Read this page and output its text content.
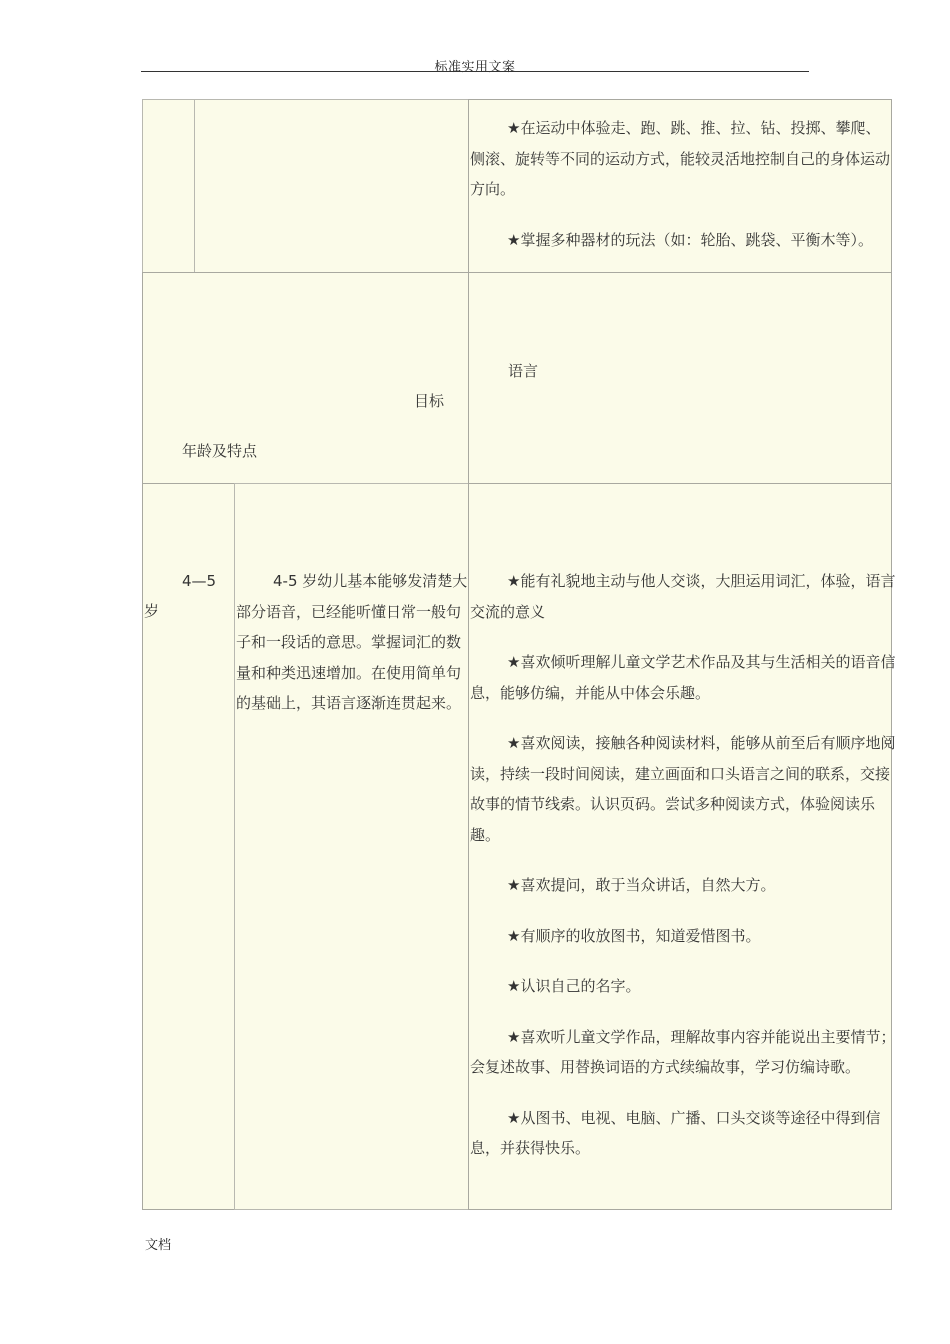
标准实用文案

★在运动中体验走、跑、跳、推、拉、钻、投掷、攀爬、侧滚、旋转等不同的运动方式，能较灵活地控制自己的身体运动方向。

★掌握多种器材的玩法（如：轮胎、跳袋、平衡木等）。

目标
年龄及特点
语言
4—5
岁

4-5 岁幼儿基本能够发清楚大部分语音，已经能听懂日常一般句子和一段话的意思。掌握词汇的数量和种类迅速增加。在使用简单句的基础上，其语言逐渐连贯起来。

★能有礼貌地主动与他人交谈，大胆运用词汇，体验，语言交流的意义

★喜欢倾听理解儿童文学艺术作品及其与生活相关的语音信息，能够仿编，并能从中体会乐趣。

★喜欢阅读，接触各种阅读材料，能够从前至后有顺序地阅读，持续一段时间阅读，建立画面和口头语言之间的联系，交接故事的情节线索。认识页码。尝试多种阅读方式，体验阅读乐趣。

★喜欢提问，敢于当众讲话，自然大方。

★有顺序的收放图书，知道爱惜图书。

★认识自己的名字。

★喜欢听儿童文学作品，理解故事内容并能说出主要情节；会复述故事、用替换词语的方式续编故事，学习仿编诗歌。

★从图书、电视、电脑、广播、口头交谈等途径中得到信息，并获得快乐。

文档
